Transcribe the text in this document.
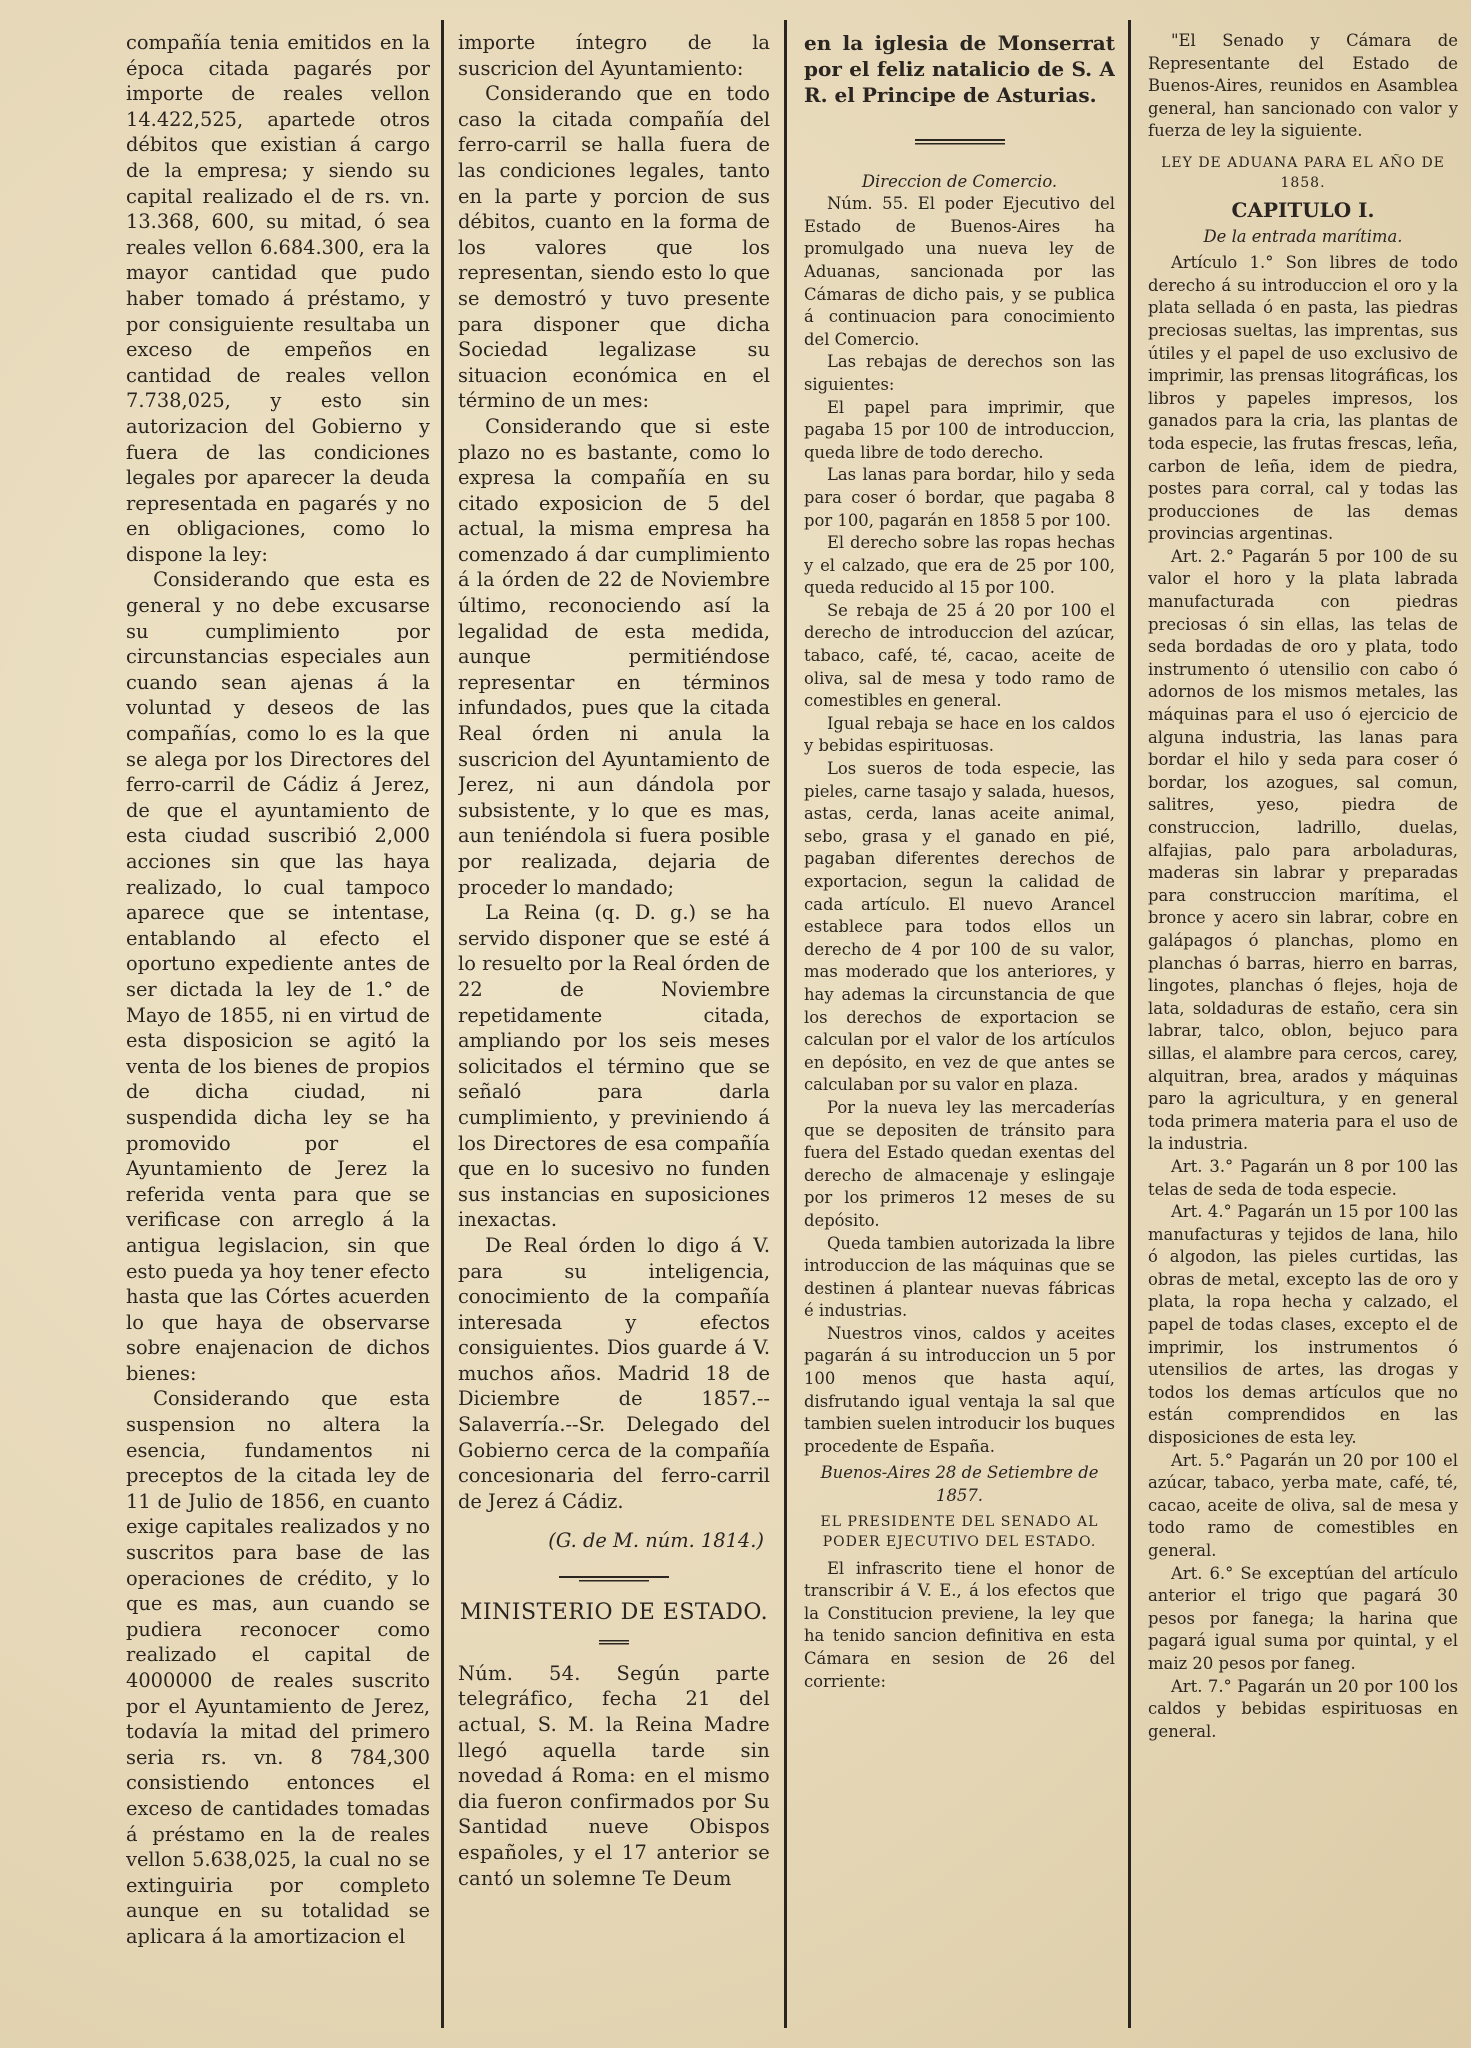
compañía tenia emitidos en la época citada pagarés por importe de reales vellon 14.422,525, apartede otros débitos que existian á cargo de la empresa; y siendo su capital realizado el de rs. vn. 13.368, 600, su mitad, ó sea reales vellon 6.684.300, era la mayor cantidad que pudo haber tomado á préstamo, y por consiguiente resultaba un exceso de empeños en cantidad de reales vellon 7.738,025, y esto sin autorizacion del Gobierno y fuera de las condiciones legales por aparecer la deuda representada en pagarés y no en obligaciones, como lo dispone la ley:

Considerando que esta es general y no debe excusarse su cumplimiento por circunstancias especiales aun cuando sean ajenas á la voluntad y deseos de las compañías, como lo es la que se alega por los Directores del ferro-carril de Cádiz á Jerez, de que el ayuntamiento de esta ciudad suscribió 2,000 acciones sin que las haya realizado, lo cual tampoco aparece que se intentase, entablando al efecto el oportuno expediente antes de ser dictada la ley de 1.° de Mayo de 1855, ni en virtud de esta disposicion se agitó la venta de los bienes de propios de dicha ciudad, ni suspendida dicha ley se ha promovido por el Ayuntamiento de Jerez la referida venta para que se verificase con arreglo á la antigua legislacion, sin que esto pueda ya hoy tener efecto hasta que las Córtes acuerden lo que haya de observarse sobre enajenacion de dichos bienes:

Considerando que esta suspension no altera la esencia, fundamentos ni preceptos de la citada ley de 11 de Julio de 1856, en cuanto exige capitales realizados y no suscritos para base de las operaciones de crédito, y lo que es mas, aun cuando se pudiera reconocer como realizado el capital de 4000000 de reales suscrito por el Ayuntamiento de Jerez, todavía la mitad del primero seria rs. vn. 8 784,300 consistiendo entonces el exceso de cantidades tomadas á préstamo en la de reales vellon 5.638,025, la cual no se extinguiria por completo aunque en su totalidad se aplicara á la amortizacion el

importe íntegro de la suscricion del Ayuntamiento:

Considerando que en todo caso la citada compañía del ferro-carril se halla fuera de las condiciones legales, tanto en la parte y porcion de sus débitos, cuanto en la forma de los valores que los representan, siendo esto lo que se demostró y tuvo presente para disponer que dicha Sociedad legalizase su situacion económica en el término de un mes:

Considerando que si este plazo no es bastante, como lo expresa la compañía en su citado exposicion de 5 del actual, la misma empresa ha comenzado á dar cumplimiento á la órden de 22 de Noviembre último, reconociendo así la legalidad de esta medida, aunque permitiéndose representar en términos infundados, pues que la citada Real órden ni anula la suscricion del Ayuntamiento de Jerez, ni aun dándola por subsistente, y lo que es mas, aun teniéndola si fuera posible por realizada, dejaria de proceder lo mandado;

La Reina (q. D. g.) se ha servido disponer que se esté á lo resuelto por la Real órden de 22 de Noviembre repetidamente citada, ampliando por los seis meses solicitados el término que se señaló para darla cumplimiento, y previniendo á los Directores de esa compañía que en lo sucesivo no funden sus instancias en suposiciones inexactas.

De Real órden lo digo á V. para su inteligencia, conocimiento de la compañía interesada y efectos consiguientes. Dios guarde á V. muchos años. Madrid 18 de Diciembre de 1857.--Salaverría.--Sr. Delegado del Gobierno cerca de la compañía concesionaria del ferro-carril de Jerez á Cádiz.

(G. de M. núm. 1814.)

MINISTERIO DE ESTADO.

Núm. 54. Según parte telegráfico, fecha 21 del actual, S. M. la Reina Madre llegó aquella tarde sin novedad á Roma: en el mismo dia fueron confirmados por Su Santidad nueve Obispos españoles, y el 17 anterior se cantó un solemne Te Deum

en la iglesia de Monserrat por el feliz natalicio de S. A R. el Principe de Asturias.

Direccion de Comercio.

Núm. 55. El poder Ejecutivo del Estado de Buenos-Aires ha promulgado una nueva ley de Aduanas, sancionada por las Cámaras de dicho pais, y se publica á continuacion para conocimiento del Comercio.

Las rebajas de derechos son las siguientes:

El papel para imprimir, que pagaba 15 por 100 de introduccion, queda libre de todo derecho.

Las lanas para bordar, hilo y seda para coser ó bordar, que pagaba 8 por 100, pagarán en 1858 5 por 100.

El derecho sobre las ropas hechas y el calzado, que era de 25 por 100, queda reducido al 15 por 100.

Se rebaja de 25 á 20 por 100 el derecho de introduccion del azúcar, tabaco, café, té, cacao, aceite de oliva, sal de mesa y todo ramo de comestibles en general.

Igual rebaja se hace en los caldos y bebidas espirituosas.

Los sueros de toda especie, las pieles, carne tasajo y salada, huesos, astas, cerda, lanas aceite animal, sebo, grasa y el ganado en pié, pagaban diferentes derechos de exportacion, segun la calidad de cada artículo. El nuevo Arancel establece para todos ellos un derecho de 4 por 100 de su valor, mas moderado que los anteriores, y hay ademas la circunstancia de que los derechos de exportacion se calculan por el valor de los artículos en depósito, en vez de que antes se calculaban por su valor en plaza.

Por la nueva ley las mercaderías que se depositen de tránsito para fuera del Estado quedan exentas del derecho de almacenaje y eslingaje por los primeros 12 meses de su depósito.

Queda tambien autorizada la libre introduccion de las máquinas que se destinen á plantear nuevas fábricas é industrias.

Nuestros vinos, caldos y aceites pagarán á su introduccion un 5 por 100 menos que hasta aquí, disfrutando igual ventaja la sal que tambien suelen introducir los buques procedente de España.

Buenos-Aires 28 de Setiembre de 1857.

EL PRESIDENTE DEL SENADO AL PODER EJECUTIVO DEL ESTADO.

El infrascrito tiene el honor de transcribir á V. E., á los efectos que la Constitucion previene, la ley que ha tenido sancion definitiva en esta Cámara en sesion de 26 del corriente:

"El Senado y Cámara de Representante del Estado de Buenos-Aires, reunidos en Asamblea general, han sancionado con valor y fuerza de ley la siguiente.

LEY DE ADUANA PARA EL AÑO DE 1858.

CAPITULO I.

De la entrada marítima.

Artículo 1.° Son libres de todo derecho á su introduccion el oro y la plata sellada ó en pasta, las piedras preciosas sueltas, las imprentas, sus útiles y el papel de uso exclusivo de imprimir, las prensas litográficas, los libros y papeles impresos, los ganados para la cria, las plantas de toda especie, las frutas frescas, leña, carbon de leña, idem de piedra, postes para corral, cal y todas las producciones de las demas provincias argentinas.

Art. 2.° Pagarán 5 por 100 de su valor el horo y la plata labrada manufacturada con piedras preciosas ó sin ellas, las telas de seda bordadas de oro y plata, todo instrumento ó utensilio con cabo ó adornos de los mismos metales, las máquinas para el uso ó ejercicio de alguna industria, las lanas para bordar el hilo y seda para coser ó bordar, los azogues, sal comun, salitres, yeso, piedra de construccion, ladrillo, duelas, alfajias, palo para arboladuras, maderas sin labrar y preparadas para construccion marítima, el bronce y acero sin labrar, cobre en galápagos ó planchas, plomo en planchas ó barras, hierro en barras, lingotes, planchas ó flejes, hoja de lata, soldaduras de estaño, cera sin labrar, talco, oblon, bejuco para sillas, el alambre para cercos, carey, alquitran, brea, arados y máquinas paro la agricultura, y en general toda primera materia para el uso de la industria.

Art. 3.° Pagarán un 8 por 100 las telas de seda de toda especie.

Art. 4.° Pagarán un 15 por 100 las manufacturas y tejidos de lana, hilo ó algodon, las pieles curtidas, las obras de metal, excepto las de oro y plata, la ropa hecha y calzado, el papel de todas clases, excepto el de imprimir, los instrumentos ó utensilios de artes, las drogas y todos los demas artículos que no están comprendidos en las disposiciones de esta ley.

Art. 5.° Pagarán un 20 por 100 el azúcar, tabaco, yerba mate, café, té, cacao, aceite de oliva, sal de mesa y todo ramo de comestibles en general.

Art. 6.° Se exceptúan del artículo anterior el trigo que pagará 30 pesos por fanega; la harina que pagará igual suma por quintal, y el maiz 20 pesos por faneg.

Art. 7.° Pagarán un 20 por 100 los caldos y bebidas espirituosas en general.
